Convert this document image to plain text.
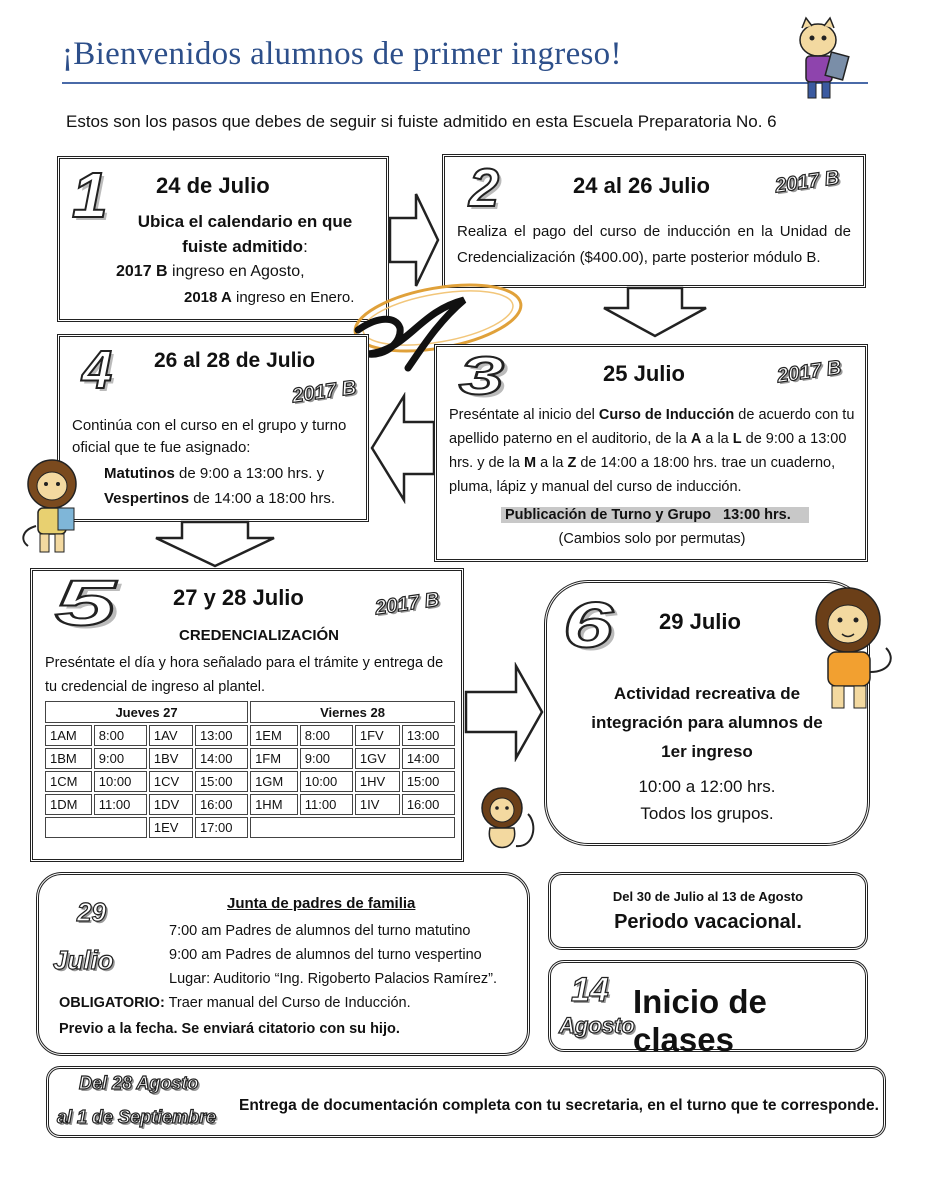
¡Bienvenidos alumnos de primer ingreso!
Estos son los pasos que debes de seguir si fuiste admitido en esta Escuela Preparatoria No. 6
1 24 de Julio
Ubica el calendario en que
fuiste admitido:
2017 B ingreso en Agosto,
2018 A ingreso en Enero.
2	24 al 26 Julio	2017 B
Realiza el pago del curso de inducción en la Unidad de Credencialización ($400.00), parte posterior módulo B.
4 26 al 28 de Julio
2017 B
Continúa con el curso en el grupo y turno oficial que te fue asignado:
Matutinos de 9:00 a 13:00 hrs. y
Vespertinos de 14:00 a 18:00 hrs.
3	25 Julio	2017 B
Preséntate al inicio del Curso de Inducción de acuerdo con tu apellido paterno en el auditorio, de la A a la L de 9:00 a 13:00 hrs. y de la M a la Z de 14:00 a 18:00 hrs. trae un cuaderno, pluma, lápiz y manual del curso de inducción.
Publicación de Turno y Grupo   13:00 hrs.
(Cambios solo por permutas)
5	27 y 28 Julio	2017 B
CREDENCIALIZACIÓN
Preséntate el día y hora señalado para el trámite y entrega de tu credencial de ingreso al plantel.
Jueves 27				Viernes 28			
1AM	8:00	1AV	13:00	1EM	8:00	1FV	13:00
1BM	9:00	1BV	14:00	1FM	9:00	1GV	14:00
1CM	10:00	1CV	15:00	1GM	10:00	1HV	15:00
1DM	11:00	1DV	16:00	1HM	11:00	1IV	16:00
		1EV	17:00				
6 29 Julio
Actividad recreativa de
integración para alumnos de
1er ingreso
10:00 a 12:00 hrs.
Todos los grupos.
29
Julio
Junta de padres de familia
7:00 am Padres de alumnos del turno matutino
9:00 am Padres de alumnos del turno vespertino
Lugar: Auditorio “Ing. Rigoberto Palacios Ramírez”.
OBLIGATORIO: Traer manual del Curso de Inducción.
Previo a la fecha. Se enviará citatorio con su hijo.
Del 30 de Julio al 13 de Agosto
Periodo vacacional.
14
Agosto
Inicio de clases
Del 28 Agosto
al 1 de Septiembre
Entrega de documentación completa con tu secretaria, en el turno que te corresponde.
